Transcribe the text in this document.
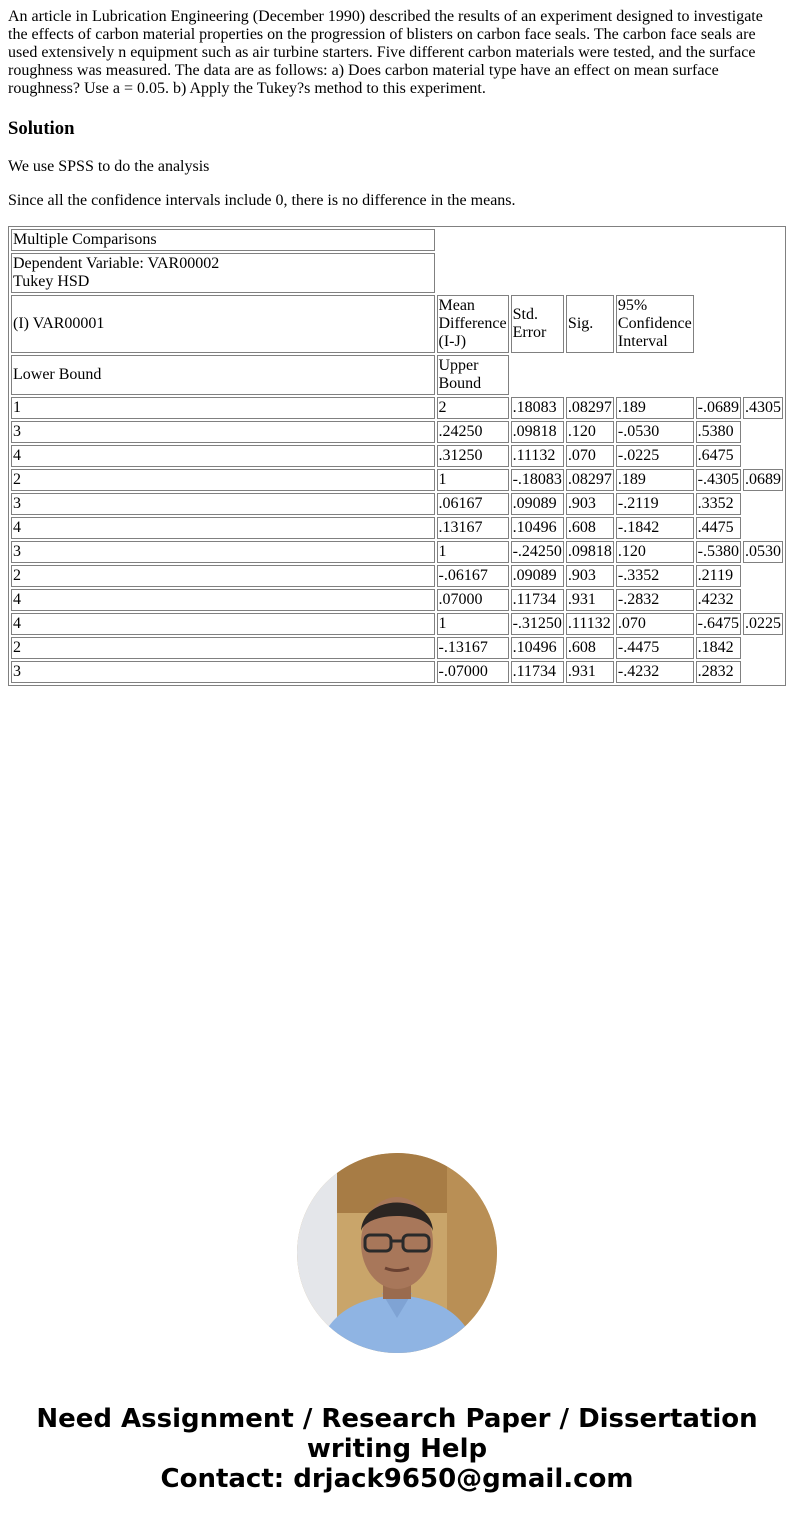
An article in Lubrication Engineering (December 1990) described the results of an experiment designed to investigate the effects of carbon material properties on the progression of blisters on carbon face seals. The carbon face seals are used extensively n equipment such as air turbine starters. Five different carbon materials were tested, and the surface roughness was measured. The data are as follows: a) Does carbon material type have an effect on mean surface roughness? Use a = 0.05. b) Apply the Tukey?s method to this experiment.

Solution

We use SPSS to do the analysis

Since all the confidence intervals include 0, there is no difference in the means.

Multiple Comparisons						
Dependent Variable: VAR00002
Tukey HSD						
(I) VAR00001	Mean Difference (I-J)	Std. Error	Sig.	95% Confidence Interval		
Lower Bound	Upper Bound					
1	2	.18083	.08297	.189	-.0689	.4305
3	.24250	.09818	.120	-.0530	.5380	
4	.31250	.11132	.070	-.0225	.6475	
2	1	-.18083	.08297	.189	-.4305	.0689
3	.06167	.09089	.903	-.2119	.3352	
4	.13167	.10496	.608	-.1842	.4475	
3	1	-.24250	.09818	.120	-.5380	.0530
2	-.06167	.09089	.903	-.3352	.2119	
4	.07000	.11734	.931	-.2832	.4232	
4	1	-.31250	.11132	.070	-.6475	.0225
2	-.13167	.10496	.608	-.4475	.1842	
3	-.07000	.11734	.931	-.4232	.2832	
Need Assignment / Research Paper / Dissertation
writing Help
Contact: drjack9650@gmail.com
